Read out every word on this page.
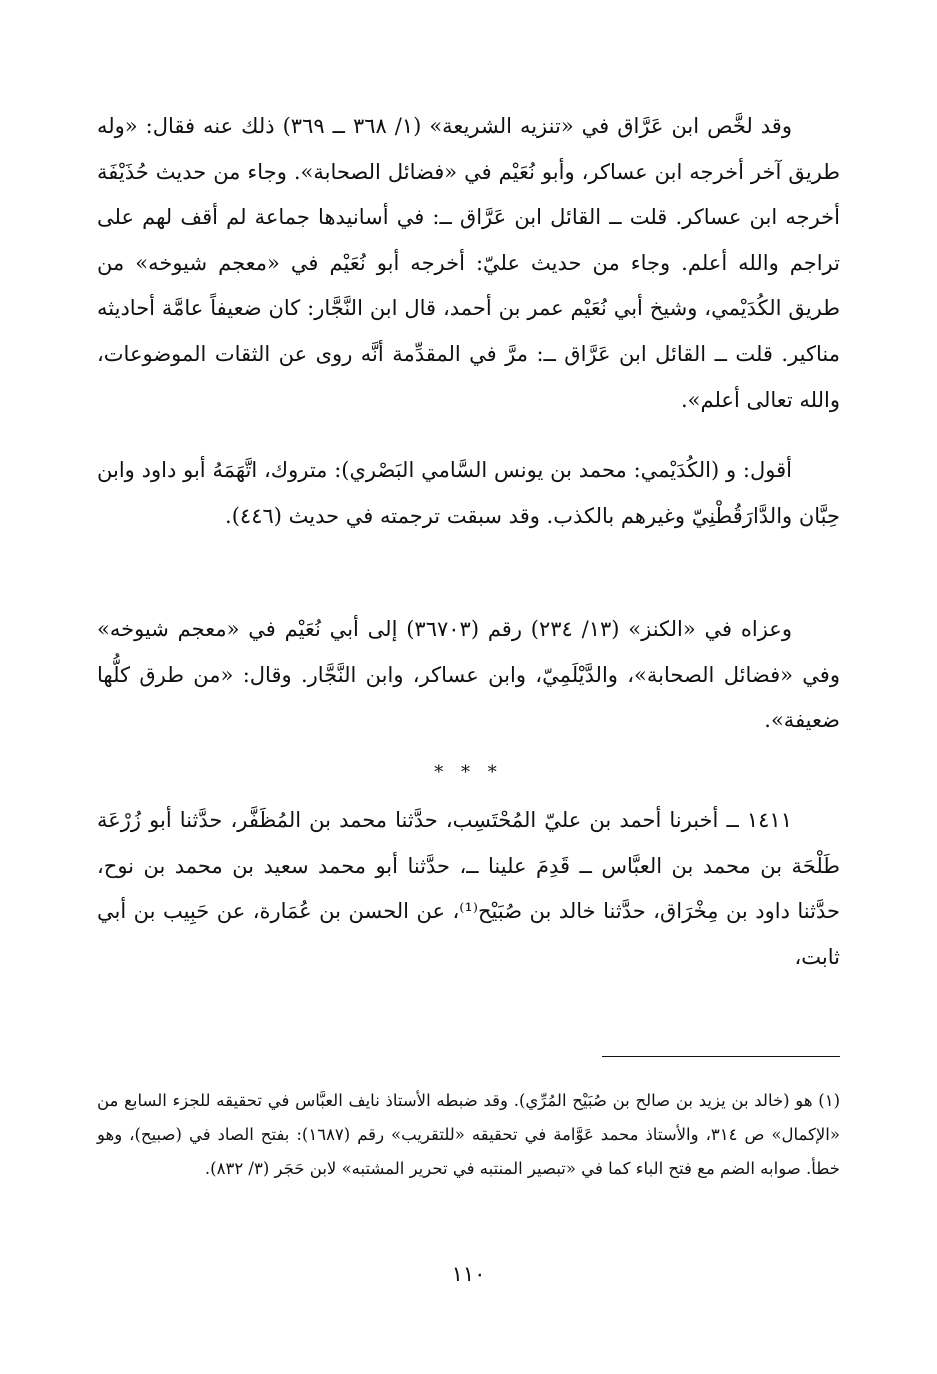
وقد لخَّص ابن عَرَّاق في «تنزيه الشريعة» (١/ ٣٦٨ ــ ٣٦٩) ذلك عنه فقال: «وله طريق آخر أخرجه ابن عساكر، وأبو نُعَيْم في «فضائل الصحابة». وجاء من حديث حُذَيْفَة أخرجه ابن عساكر. قلت ــ القائل ابن عَرَّاق ــ: في أسانيدها جماعة لم أقف لهم على تراجم والله أعلم. وجاء من حديث عليّ: أخرجه أبو نُعَيْم في «معجم شيوخه» من طريق الكُدَيْمي، وشيخ أبي نُعَيْم عمر بن أحمد، قال ابن النَّجَّار: كان ضعيفاً عامَّة أحاديثه مناكير. قلت ــ القائل ابن عَرَّاق ــ: مرَّ في المقدِّمة أنَّه روى عن الثقات الموضوعات، والله تعالى أعلم».

أقول: و (الكُدَيْمي: محمد بن يونس السَّامي البَصْري): متروك، اتَّهَمَهُ أبو داود وابن حِبَّان والدَّارَقُطْنِيّ وغيرهم بالكذب. وقد سبقت ترجمته في حديث (٤٤٦).

وعزاه في «الكنز» (١٣/ ٢٣٤) رقم (٣٦٧٠٣) إلى أبي نُعَيْم في «معجم شيوخه» وفي «فضائل الصحابة»، والدَّيْلَمِيّ، وابن عساكر، وابن النَّجَّار. وقال: «من طرق كلُّها ضعيفة».

* * *

١٤١١ ــ أخبرنا أحمد بن عليّ المُحْتَسِب، حدَّثنا محمد بن المُظَفَّر، حدَّثنا أبو زُرْعَة طَلْحَة بن محمد بن العبَّاس ــ قَدِمَ علينا ــ، حدَّثنا أبو محمد سعيد بن محمد بن نوح، حدَّثنا داود بن مِخْرَاق، حدَّثنا خالد بن صُبَيْح⁽¹⁾، عن الحسن بن عُمَارة، عن حَبِيب بن أبي ثابت،

(١) هو (خالد بن يزيد بن صالح بن صُبَيْح المُرِّي). وقد ضبطه الأستاذ نايف العبَّاس في تحقيقه للجزء السابع من «الإكمال» ص ٣١٤، والأستاذ محمد عَوَّامة في تحقيقه «للتقريب» رقم (١٦٨٧): بفتح الصاد في (صبيح)، وهو خطأ. صوابه الضم مع فتح الباء كما في «تبصير المنتبه في تحرير المشتبه» لابن حَجَر (٣/ ٨٣٢).

١١٠
